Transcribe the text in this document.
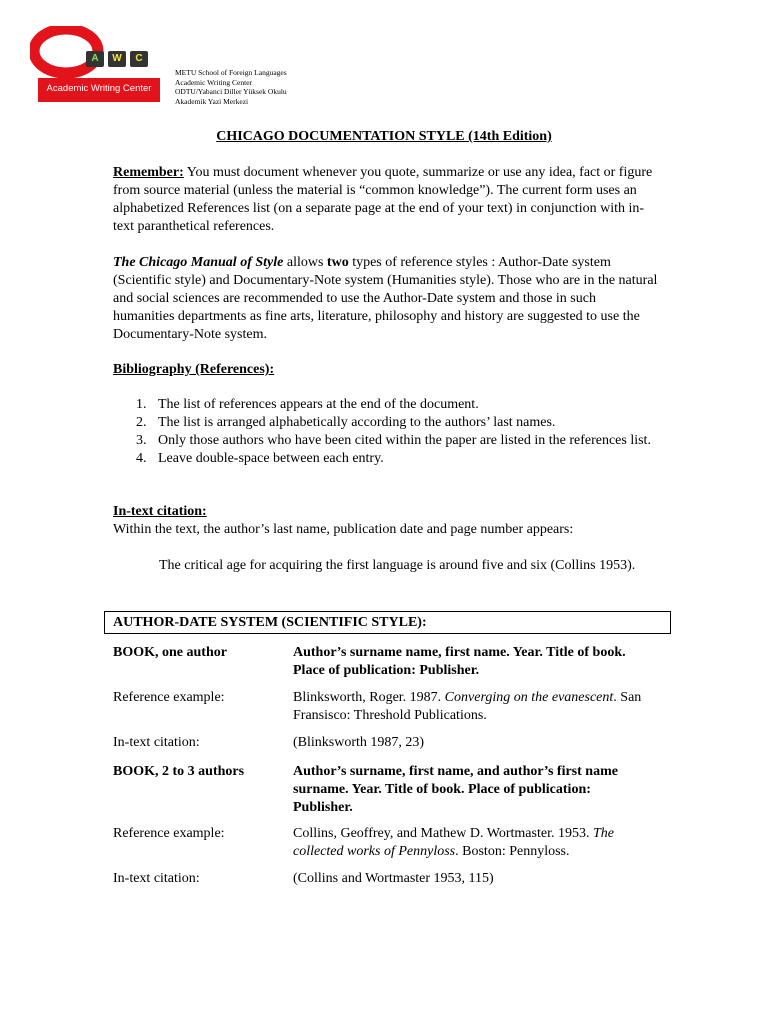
A	W	C
Academic Writing Center
METU School of Foreign Languages
Academic Writing Center
ODTU/Yabanci Diller Yüksek Okulu
Akademik Yazi Merkezi
CHICAGO DOCUMENTATION STYLE (14th Edition)
Remember: You must document whenever you quote, summarize or use any idea, fact or figure from source material (unless the material is “common knowledge”). The current form uses an alphabetized References list (on a separate page at the end of your text) in conjunction with in-text paranthetical references.
The Chicago Manual of Style allows two types of reference styles : Author-Date system (Scientific style) and Documentary-Note system (Humanities style). Those who are in the natural and social sciences are recommended to use the Author-Date system and those in such humanities departments as fine arts, literature, philosophy and history are suggested to use the Documentary-Note system.
Bibliography (References):
1. The list of references appears at the end of the document.
2. The list is arranged alphabetically according to the authors’ last names.
3. Only those authors who have been cited within the paper are listed in the references list.
4. Leave double-space between each entry.
In-text citation:
Within the text, the author’s last name, publication date and page number appears:
The critical age for acquiring the first language is around five and six (Collins 1953).
AUTHOR-DATE SYSTEM (SCIENTIFIC STYLE):
BOOK, one author	Author’s surname name, first name. Year. Title of book. Place of publication: Publisher.
Reference example:	Blinksworth, Roger. 1987. Converging on the evanescent. San Fransisco: Threshold Publications.
In-text citation:	(Blinksworth 1987, 23)
BOOK, 2 to 3 authors	Author’s surname, first name, and author’s first name surname. Year. Title of book. Place of publication: Publisher.
Reference example:	Collins, Geoffrey, and Mathew D. Wortmaster. 1953. The collected works of Pennyloss. Boston: Pennyloss.
In-text citation:	(Collins and Wortmaster 1953, 115)
